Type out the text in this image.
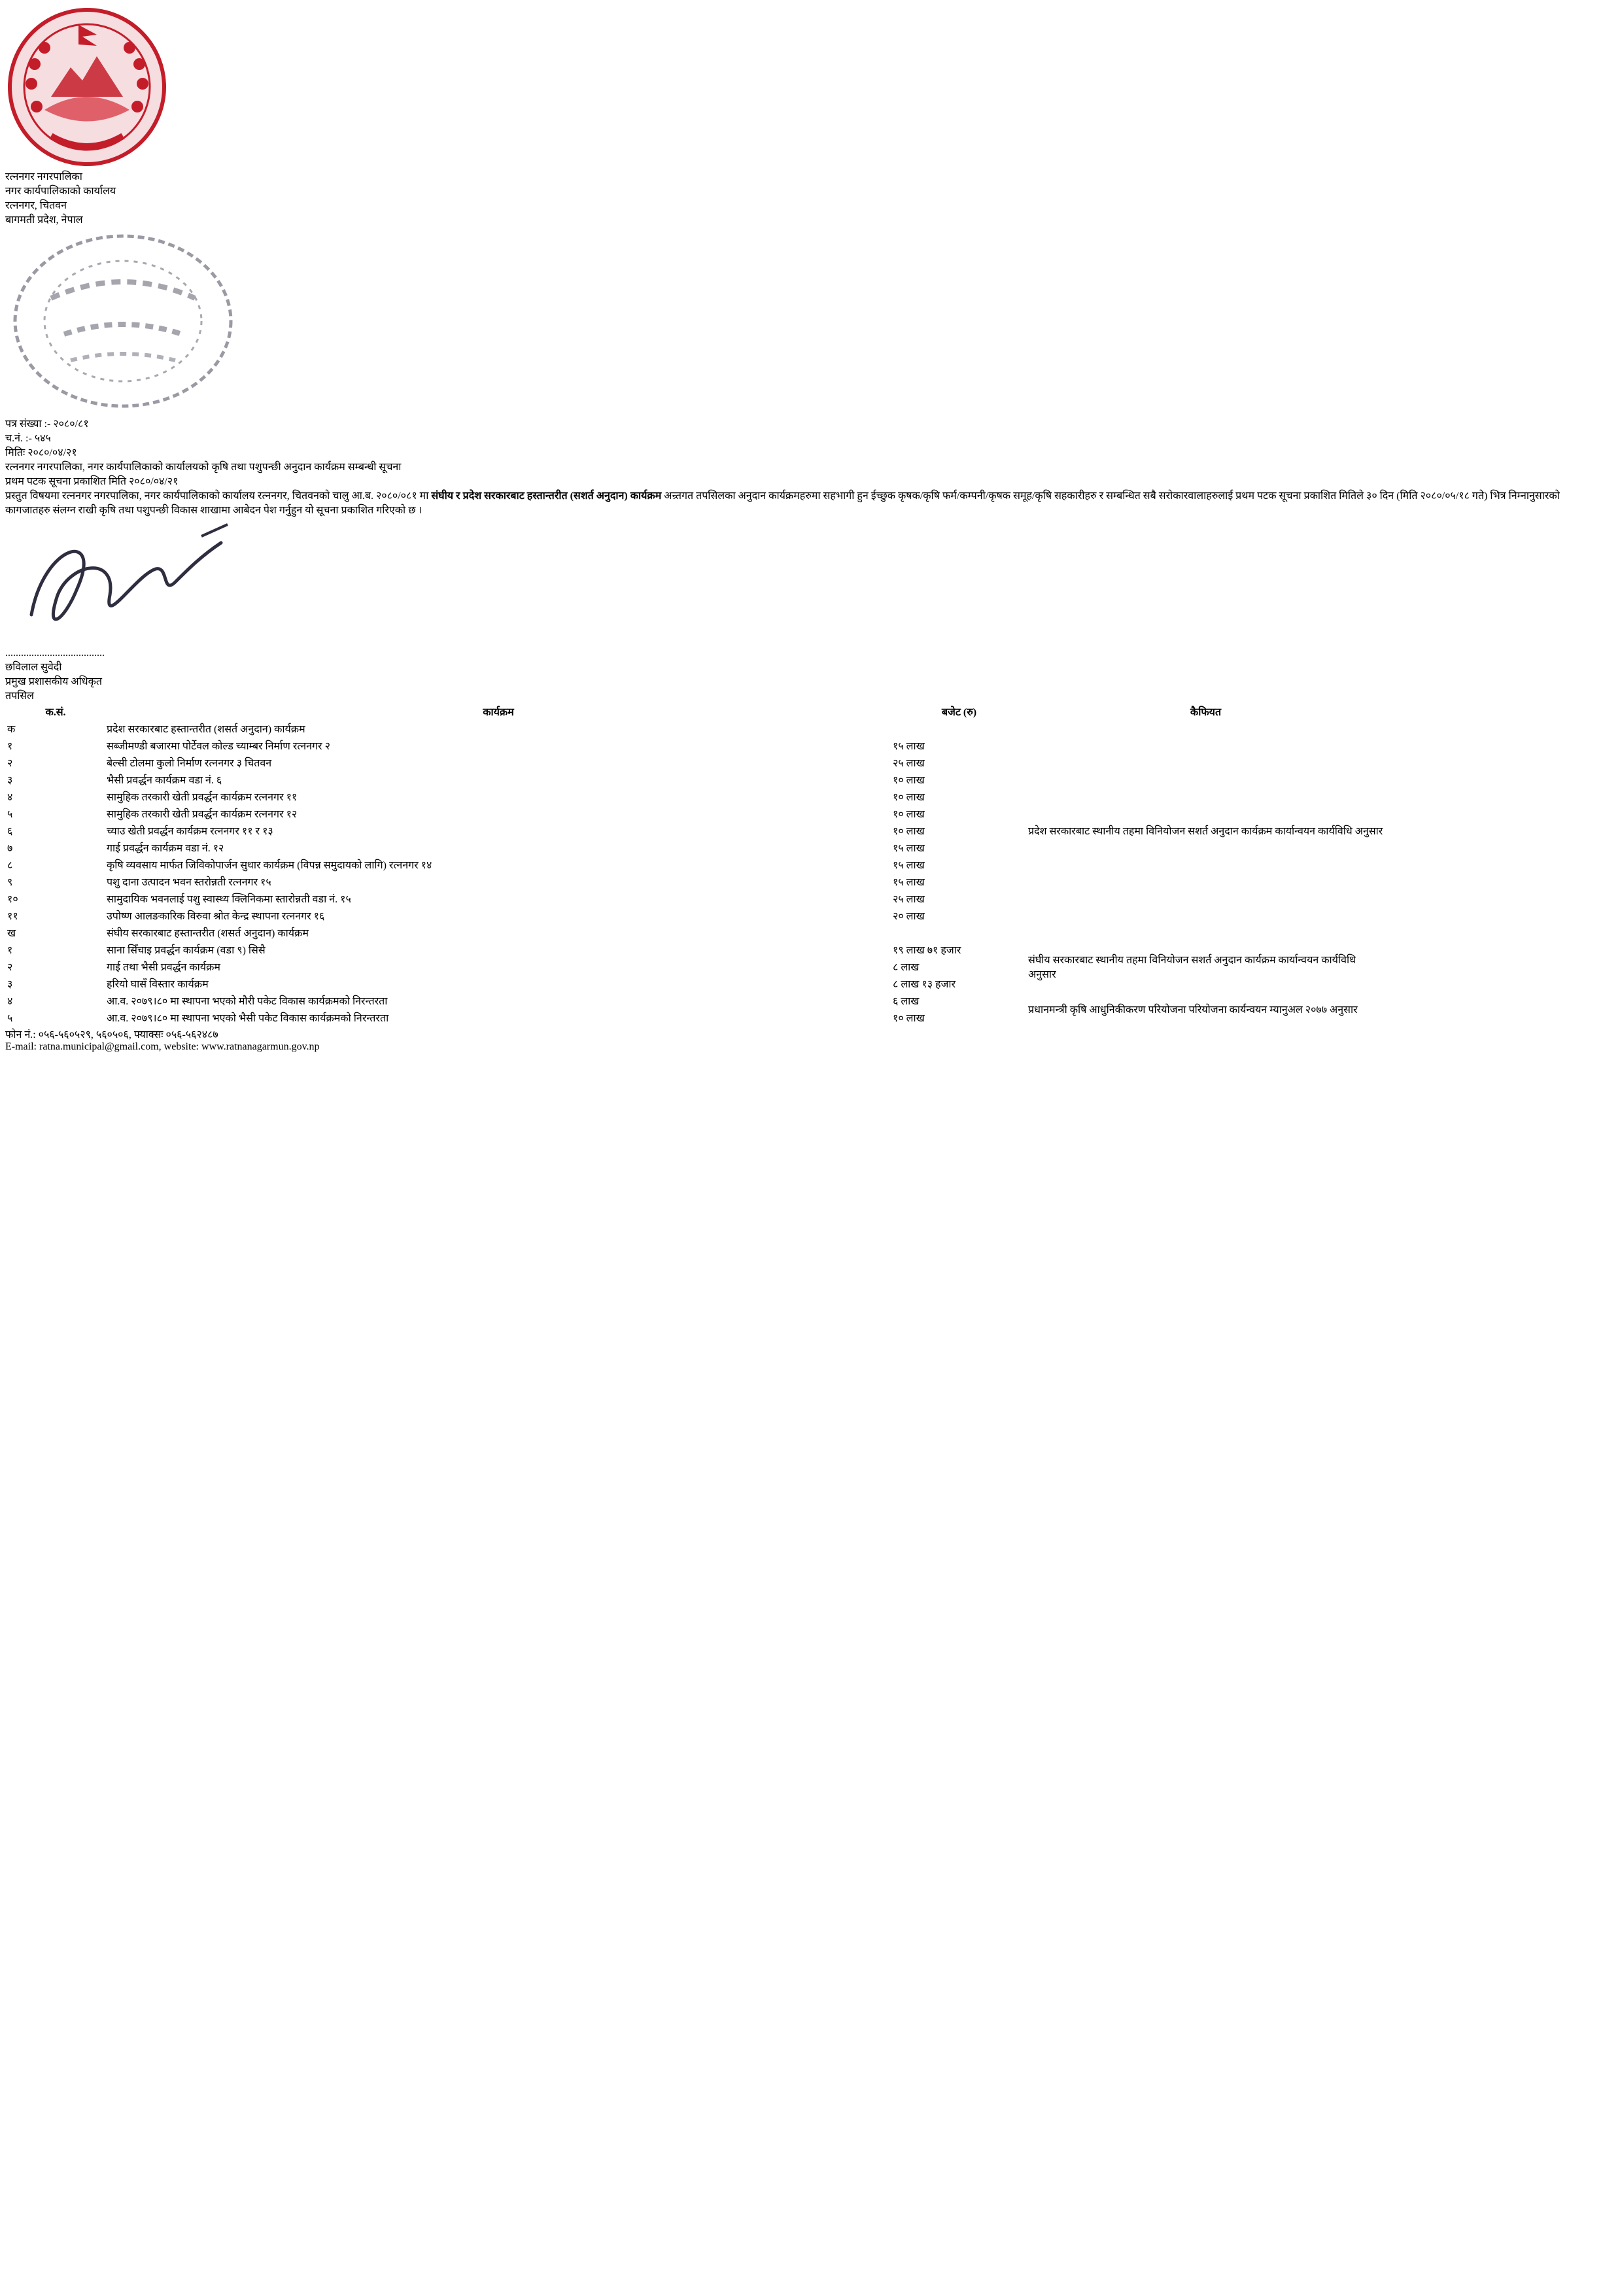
रत्ननगर नगरपालिका
नगर कार्यपालिकाको कार्यालय
रत्ननगर, चितवन
बागमती प्रदेश, नेपाल
पत्र संख्या :- २०८०/८१
च.नं. :- ५४५
मितिः २०८०/०४/२१
रत्ननगर नगरपालिका, नगर कार्यपालिकाको कार्यालयको कृषि तथा पशुपन्छी अनुदान कार्यक्रम सम्बन्धी सूचना
प्रथम पटक सूचना प्रकाशित मिति २०८०/०४/२१
प्रस्तुत विषयमा रत्ननगर नगरपालिका, नगर कार्यपालिकाको कार्यालय रत्ननगर, चितवनको चालु आ.ब. २०८०/०८१ मा संघीय र प्रदेश सरकारबाट हस्तान्तरीत (सशर्त अनुदान) कार्यक्रम अन्र्तगत तपसिलका अनुदान कार्यक्रमहरुमा सहभागी हुन ईच्छुक कृषक/कृषि फर्म/कम्पनी/कृषक समूह/कृषि सहकारीहरु र सम्बन्धित सबै सरोकारवालाहरुलाई प्रथम पटक सूचना प्रकाशित मितिले ३० दिन (मिति २०८०/०५/१८ गते) भित्र निम्नानुसारको कागजातहरु संलग्न राखी कृषि तथा पशुपन्छी विकास शाखामा आबेदन पेश गर्नुहुन यो सूचना प्रकाशित गरिएको छ ।
......................................
छविलाल सुवेदी
प्रमुख प्रशासकीय अधिकृत
तपसिल
क.सं.	कार्यक्रम	बजेट (रु)	कैफियत
क	प्रदेश सरकारबाट हस्तान्तरीत (शसर्त अनुदान) कार्यक्रम		
१	सब्जीमण्डी बजारमा पोर्टेवल कोल्ड च्याम्बर निर्माण रत्ननगर २	१५ लाख	प्रदेश सरकारबाट स्थानीय तहमा विनियोजन सशर्त अनुदान कार्यक्रम कार्यान्वयन कार्यविधि अनुसार
२	बेल्सी टोलमा कुलो निर्माण रत्ननगर ३ चितवन	२५ लाख	
३	भैसी प्रवर्द्धन कार्यक्रम वडा नं. ६	१० लाख	
४	सामुहिक तरकारी खेती प्रवर्द्धन कार्यक्रम रत्ननगर ११	१० लाख	
५	सामुहिक तरकारी खेती प्रवर्द्धन कार्यक्रम रत्ननगर १२	१० लाख	
६	च्याउ खेती प्रवर्द्धन कार्यक्रम रत्ननगर ११ र १३	१० लाख	
७	गाई प्रवर्द्धन कार्यक्रम वडा नं. १२	१५ लाख	
८	कृषि व्यवसाय मार्फत जिविकोपार्जन सुधार कार्यक्रम (विपन्न समुदायको लागि) रत्ननगर १४	१५ लाख	
९	पशु दाना उत्पादन भवन स्तरोन्नती रत्ननगर १५	१५ लाख	
१०	सामुदायिक भवनलाई पशु स्वास्थ्य क्लिनिकमा स्तारोन्नती वडा नं. १५	२५ लाख	
११	उपोष्ण आलङकारिक विरुवा श्रोत केन्द्र स्थापना रत्ननगर १६	२० लाख	
ख	संघीय सरकारबाट हस्तान्तरीत (शसर्त अनुदान) कार्यक्रम		
१	साना सिँचाइ प्रवर्द्धन कार्यक्रम (वडा ९) सिसै	१९ लाख ७१ हजार	संघीय सरकारबाट स्थानीय तहमा विनियोजन सशर्त अनुदान कार्यक्रम कार्यान्वयन कार्यविधि अनुसार
२	गाई तथा भैसी प्रवर्द्धन कार्यक्रम	८ लाख	
३	हरियो घासँ विस्तार कार्यक्रम	८ लाख १३ हजार	
४	आ.व. २०७९।८० मा स्थापना भएको मौरी पकेट विकास कार्यक्रमको निरन्तरता	६ लाख	प्रधानमन्त्री कृषि आधुनिकीकरण परियोजना परियोजना कार्यन्वयन म्यानुअल २०७७ अनुसार
५	आ.व. २०७९।८० मा स्थापना भएको भैसी पकेट विकास कार्यक्रमको निरन्तरता	१० लाख	
फोन नं.: ०५६-५६०५२९, ५६०५०६, फ्याक्सः ०५६-५६२४८७
E-mail: ratna.municipal@gmail.com, website: www.ratnanagarmun.gov.np
